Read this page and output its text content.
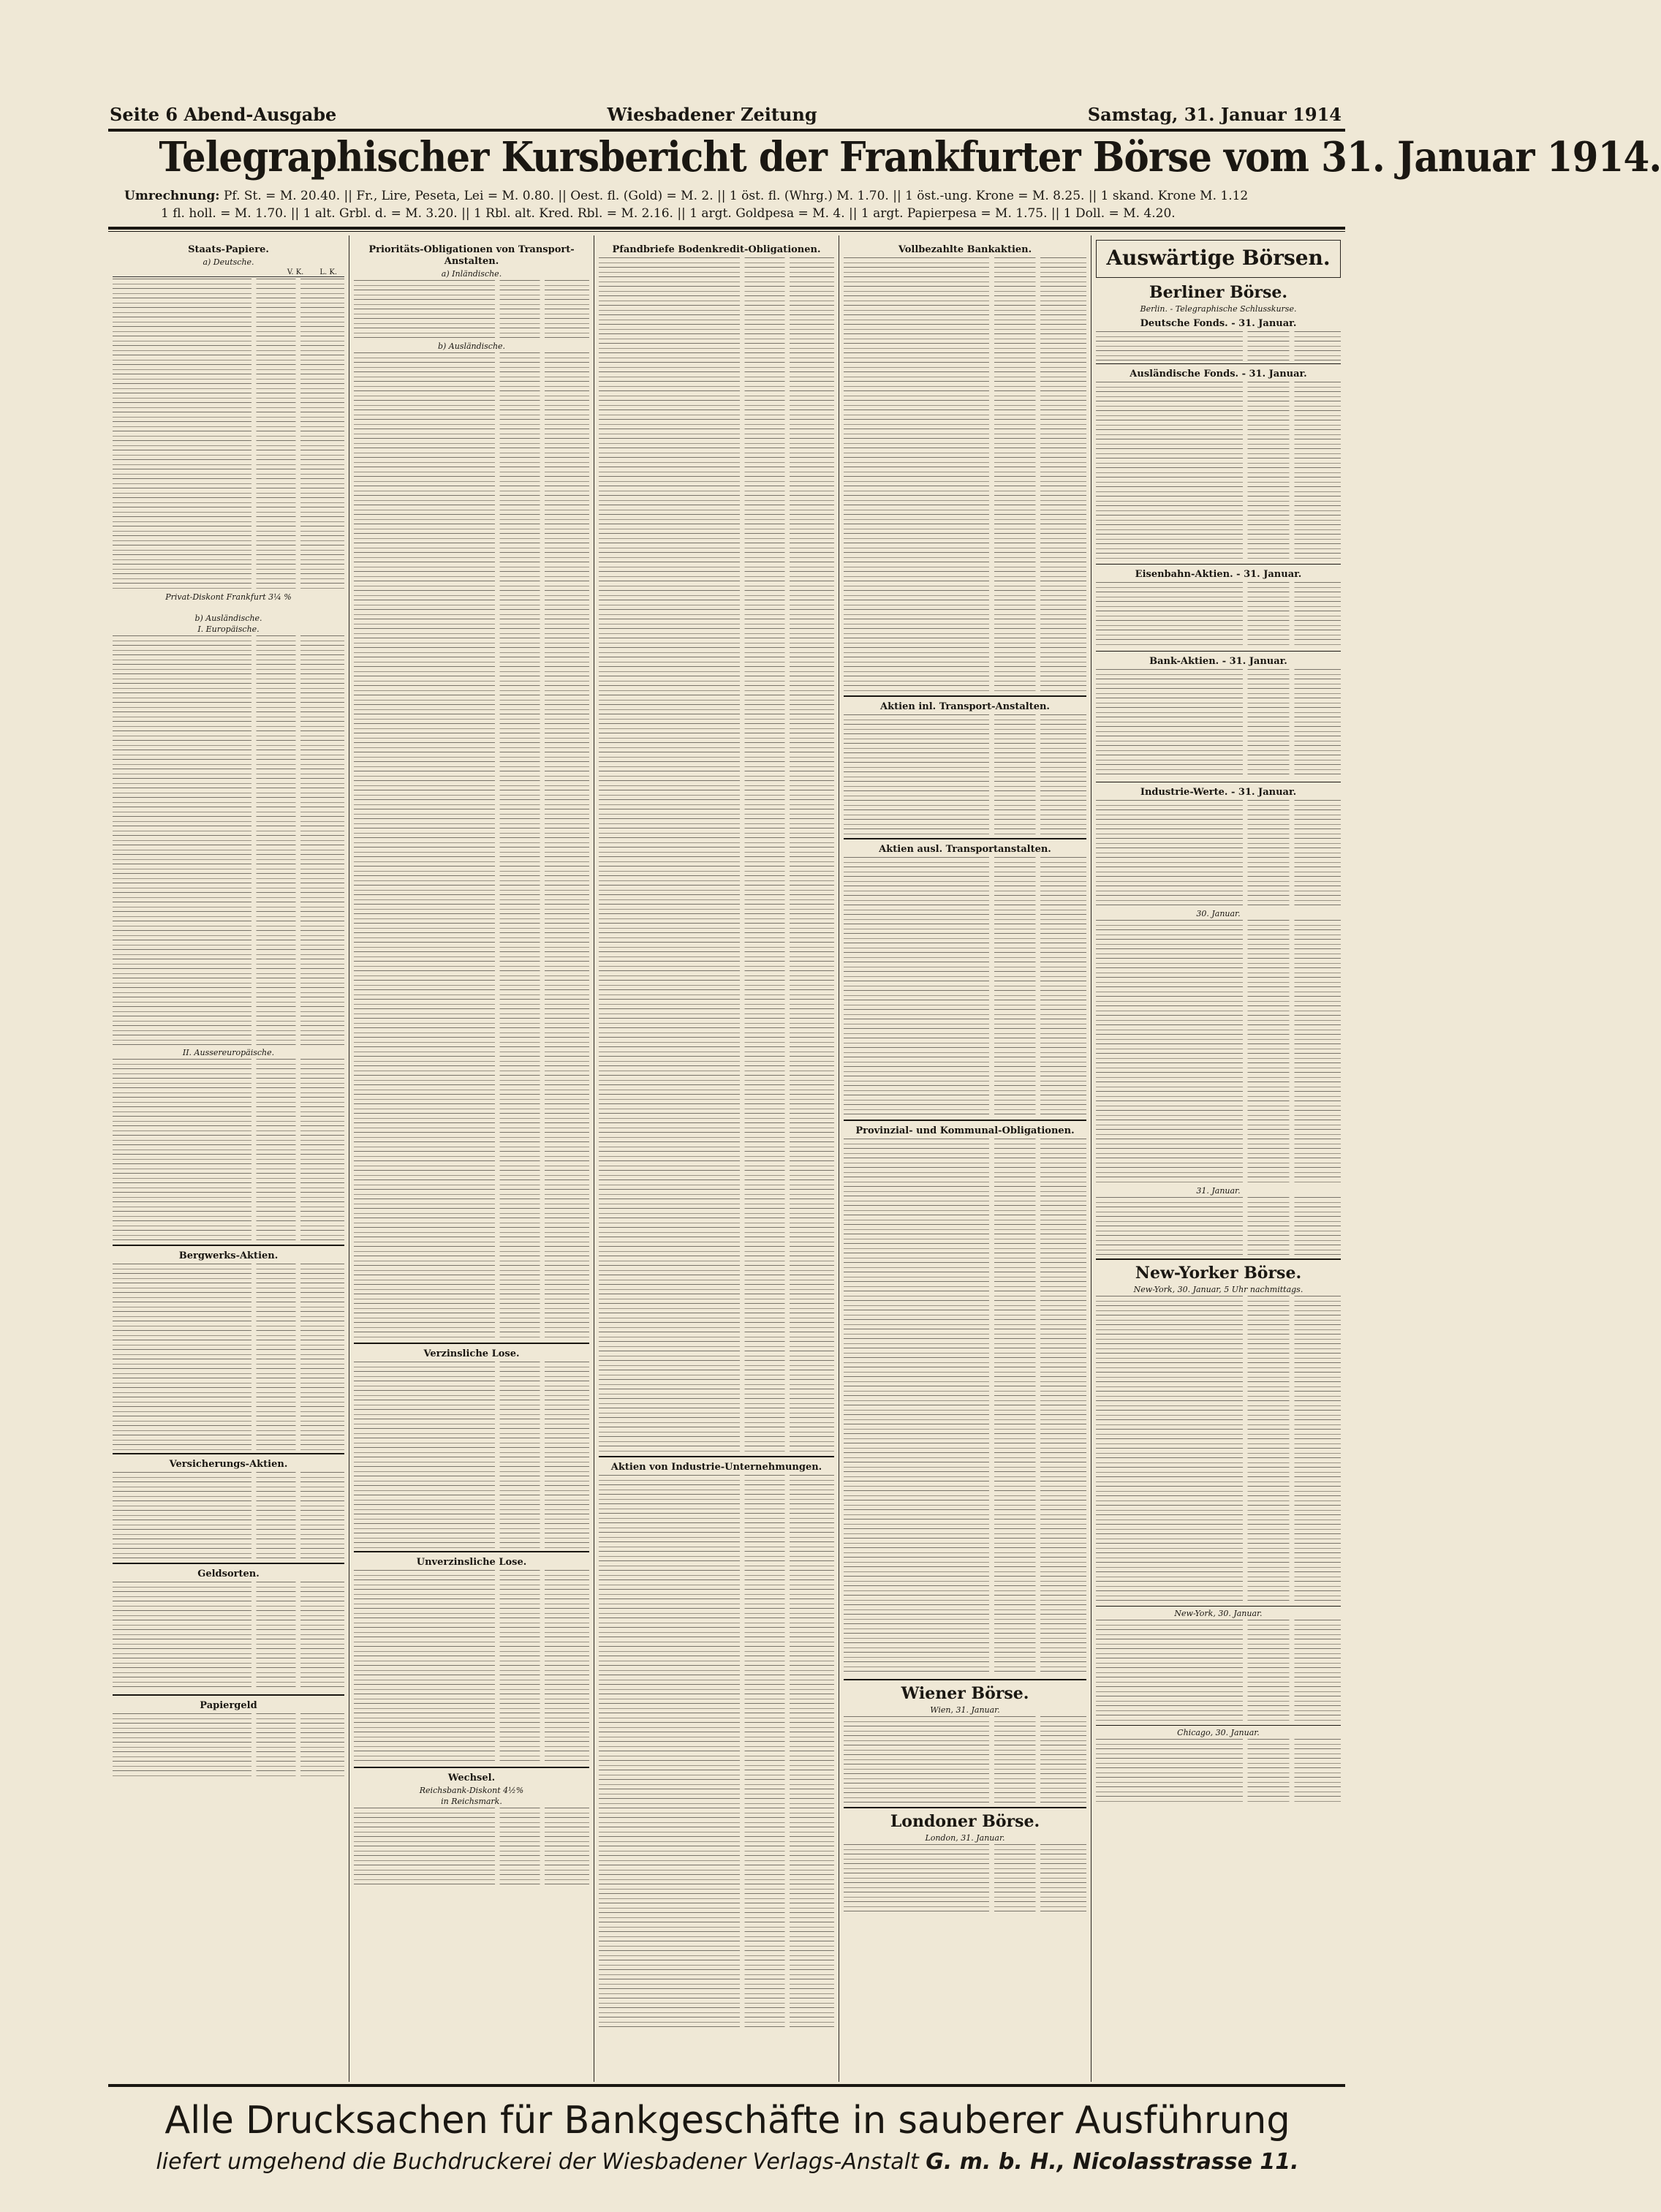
Seite 6 Abend-Ausgabe	Wiesbadener Zeitung	Samstag, 31. Januar 1914
Telegraphischer Kursbericht der Frankfurter Börse vom 31. Januar 1914.
Umrechnung: Pf. St. = M. 20.40. || Fr., Lire, Peseta, Lei = M. 0.80. || Oest. fl. (Gold) = M. 2. || 1 öst. fl. (Whrg.) M. 1.70. || 1 öst.-ung. Krone = M. 8.25. || 1 skand. Krone M. 1.12
1 fl. holl. = M. 1.70. || 1 alt. Grbl. d. = M. 3.20. || 1 Rbl. alt. Kred. Rbl. = M. 2.16. || 1 argt. Goldpesa = M. 4. || 1 argt. Papierpesa = M. 1.75. || 1 Doll. = M. 4.20.
Staats-Papiere.
a) Deutsche.
V. K. L. K.
Privat-Diskont Frankfurt 3¼ %
b) Ausländische.
I. Europäische.
II. Aussereuropäische.
Bergwerks-Aktien.
Versicherungs-Aktien.
Geldsorten.
Papiergeld
Prioritäts-Obligationen von Transport-Anstalten.
a) Inländische.
b) Ausländische.
Verzinsliche Lose.
Unverzinsliche Lose.
Wechsel.
Reichsbank-Diskont 4½%
in Reichsmark.
Pfandbriefe Bodenkredit-Obligationen.
Aktien von Industrie-Unternehmungen.
Vollbezahlte Bankaktien.
Aktien inl. Transport-Anstalten.
Aktien ausl. Transportanstalten.
Provinzial- und Kommunal-Obligationen.
Wiener Börse.
Wien, 31. Januar.
Londoner Börse.
London, 31. Januar.
Auswärtige Börsen.
Berliner Börse.
Berlin. - Telegraphische Schlusskurse.
Deutsche Fonds. - 31. Januar.
Ausländische Fonds. - 31. Januar.
Eisenbahn-Aktien. - 31. Januar.
Bank-Aktien. - 31. Januar.
Industrie-Werte. - 31. Januar.
30. Januar.
31. Januar.
New-Yorker Börse.
New-York, 30. Januar, 5 Uhr nachmittags.
New-York, 30. Januar.
Chicago, 30. Januar.
Alle Drucksachen für Bankgeschäfte in sauberer Ausführung
liefert umgehend die Buchdruckerei der Wiesbadener Verlags-Anstalt G. m. b. H., Nicolasstrasse 11.
